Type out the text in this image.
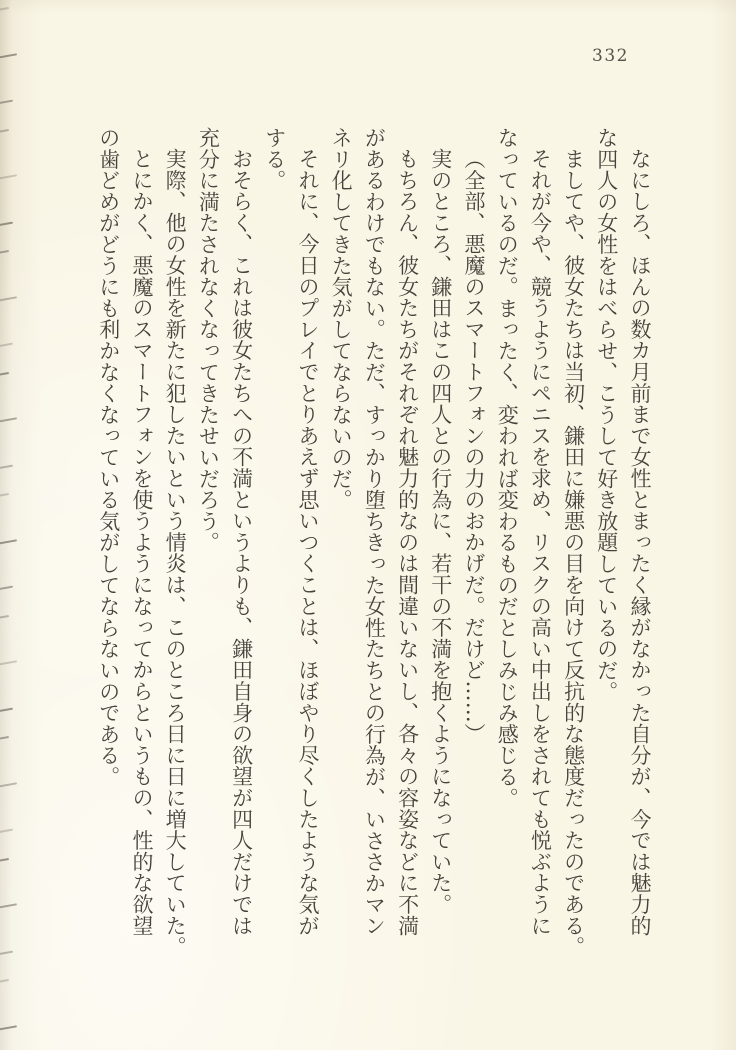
332
なにしろ、ほんの数カ月前まで女性とまったく縁がなかった自分が、今では魅力的
な四人の女性をはべらせ、こうして好き放題しているのだ。
ましてや、彼女たちは当初、鎌田に嫌悪の目を向けて反抗的な態度だったのである。
それが今や、競うようにペニスを求め、リスクの高い中出しをされても悦ぶように
なっているのだ。まったく、変われば変わるものだとしみじみ感じる。
（全部、悪魔のスマートフォンの力のおかげだ。だけど……）
実のところ、鎌田はこの四人との行為に、若干の不満を抱くようになっていた。
もちろん、彼女たちがそれぞれ魅力的なのは間違いないし、各々の容姿などに不満
があるわけでもない。ただ、すっかり堕ちきった女性たちとの行為が、いささかマン
ネリ化してきた気がしてならないのだ。
それに、今日のプレイでとりあえず思いつくことは、ほぼやり尽くしたような気が
する。
おそらく、これは彼女たちへの不満というよりも、鎌田自身の欲望が四人だけでは
充分に満たされなくなってきたせいだろう。
実際、他の女性を新たに犯したいという情炎は、このところ日に日に増大していた。
とにかく、悪魔のスマートフォンを使うようになってからというもの、性的な欲望
の歯どめがどうにも利かなくなっている気がしてならないのである。
